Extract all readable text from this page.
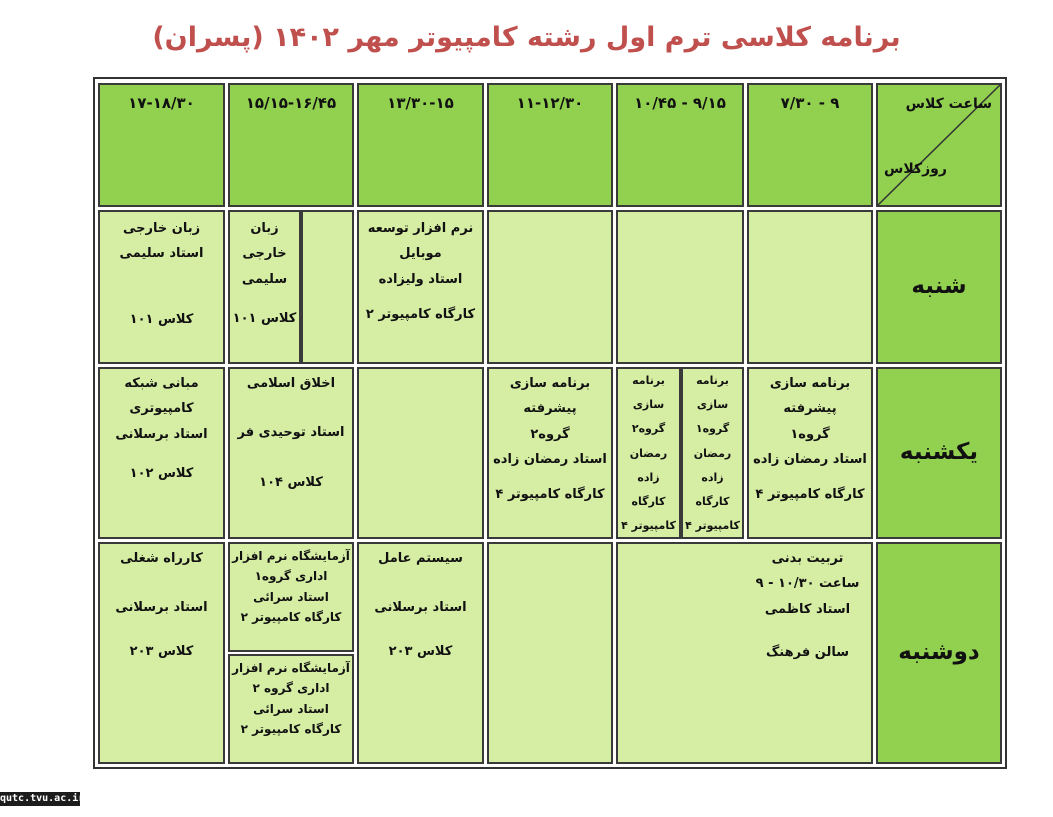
برنامه کلاسی ترم اول رشته کامپیوتر مهر ۱۴۰۲ (پسران)
ساعت کلاس
روزکلاس
۹ - ۷/۳۰
۹/۱۵ - ۱۰/۴۵
۱۱-۱۲/۳۰
۱۳/۳۰-۱۵
۱۵/۱۵-۱۶/۴۵
۱۷-۱۸/۳۰
شنبه
نرم افزار توسعه
موبایل
استاد ولیزاده
کارگاه کامپیوتر ۲
زبان
خارجی
سلیمی
کلاس ۱۰۱
زبان خارجی
استاد سلیمی
کلاس ۱۰۱
یکشنبه
برنامه سازی پیشرفته
گروه۱
استاد رمضان زاده
کارگاه کامپیوتر ۴
برنامه
سازی
گروه۱
رمضان
زاده
کارگاه
کامپیوتر ۴
برنامه
سازی
گروه۲
رمضان
زاده
کارگاه
کامپیوتر ۴
برنامه سازی پیشرفته
گروه۲
استاد رمضان زاده
کارگاه کامپیوتر ۴
اخلاق اسلامی
استاد توحیدی فر
کلاس ۱۰۴
مبانی شبکه
کامپیوتری
استاد برسلانی
کلاس ۱۰۲
دوشنبه
تربیت بدنی
ساعت ۱۰/۳۰ - ۹
استاد کاظمی
سالن فرهنگ
سیستم عامل
استاد برسلانی
کلاس ۲۰۳
آزمایشگاه نرم افزار
اداری گروه۱
استاد سرائی
کارگاه کامپیوتر ۲
آزمایشگاه نرم افزار
اداری گروه ۲
استاد سرائی
کارگاه کامپیوتر ۲
کارراه شغلی
استاد برسلانی
کلاس ۲۰۳
qutc.tvu.ac.ir
